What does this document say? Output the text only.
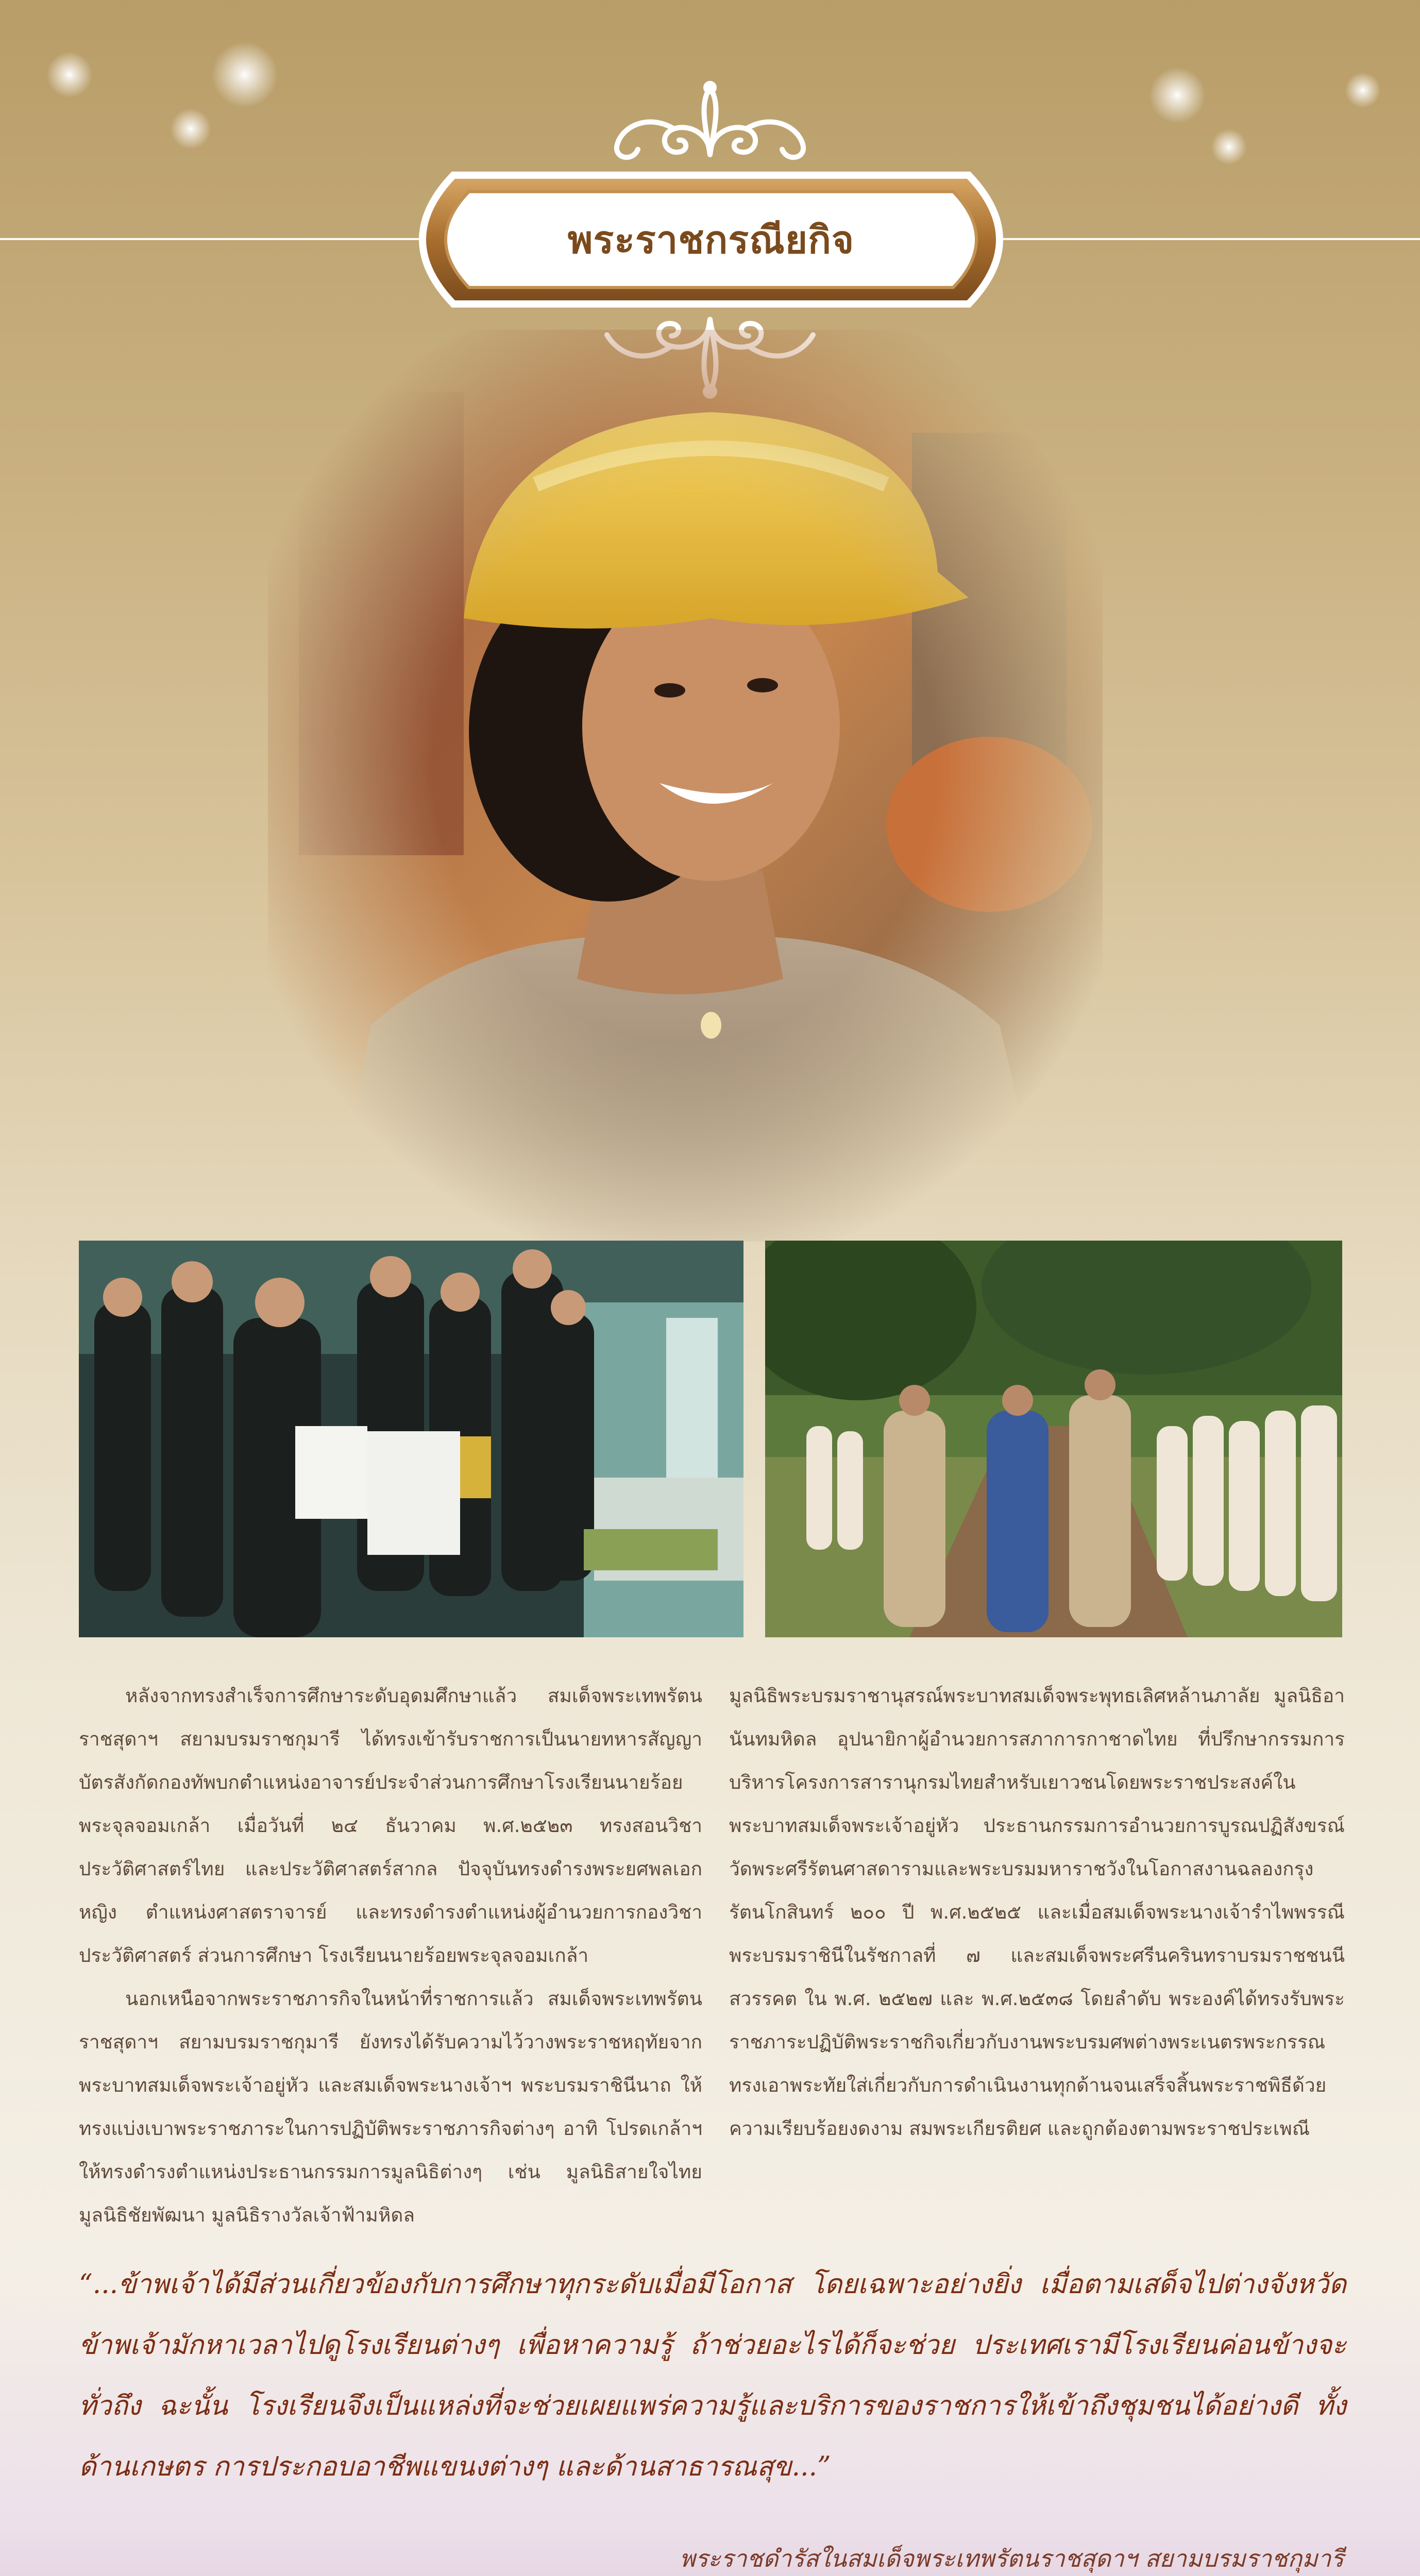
พระราชกรณียกิจ

หลังจากทรงสำเร็จการศึกษาระดับอุดมศึกษาแล้ว สมเด็จพระเทพรัตนราชสุดาฯ สยามบรมราชกุมารี ได้ทรงเข้ารับราชการเป็นนายทหารสัญญาบัตรสังกัดกองทัพบกตำแหน่งอาจารย์ประจำส่วนการศึกษาโรงเรียนนายร้อยพระจุลจอมเกล้า เมื่อวันที่ ๒๔ ธันวาคม พ.ศ.๒๕๒๓ ทรงสอนวิชาประวัติศาสตร์ไทย และประวัติศาสตร์สากล ปัจจุบันทรงดำรงพระยศพลเอกหญิง ตำแหน่งศาสตราจารย์ และทรงดำรงตำแหน่งผู้อำนวยการกองวิชาประวัติศาสตร์ ส่วนการศึกษา โรงเรียนนายร้อยพระจุลจอมเกล้า

นอกเหนือจากพระราชภารกิจในหน้าที่ราชการแล้ว สมเด็จพระเทพรัตนราชสุดาฯ สยามบรมราชกุมารี ยังทรงได้รับความไว้วางพระราชหฤทัยจากพระบาทสมเด็จพระเจ้าอยู่หัว และสมเด็จพระนางเจ้าฯ พระบรมราชินีนาถ ให้ทรงแบ่งเบาพระราชภาระในการปฏิบัติพระราชภารกิจต่างๆ อาทิ โปรดเกล้าฯ ให้ทรงดำรงตำแหน่งประธานกรรมการมูลนิธิต่างๆ เช่น มูลนิธิสายใจไทย มูลนิธิชัยพัฒนา มูลนิธิรางวัลเจ้าฟ้ามหิดล

มูลนิธิพระบรมราชานุสรณ์พระบาทสมเด็จพระพุทธเลิศหล้านภาลัย มูลนิธิอานันทมหิดล อุปนายิกาผู้อำนวยการสภาการกาชาดไทย ที่ปรึกษากรรมการบริหารโครงการสารานุกรมไทยสำหรับเยาวชนโดยพระราชประสงค์ในพระบาทสมเด็จพระเจ้าอยู่หัว ประธานกรรมการอำนวยการบูรณปฏิสังขรณ์วัดพระศรีรัตนศาสดารามและพระบรมมหาราชวังในโอกาสงานฉลองกรุงรัตนโกสินทร์ ๒๐๐ ปี พ.ศ.๒๕๒๕ และเมื่อสมเด็จพระนางเจ้ารำไพพรรณีพระบรมราชินีในรัชกาลที่ ๗ และสมเด็จพระศรีนครินทราบรมราชชนนีสวรรคต ใน พ.ศ. ๒๕๒๗ และ พ.ศ.๒๕๓๘ โดยลำดับ พระองค์ได้ทรงรับพระราชภาระปฏิบัติพระราชกิจเกี่ยวกับงานพระบรมศพต่างพระเนตรพระกรรณทรงเอาพระทัยใส่เกี่ยวกับการดำเนินงานทุกด้านจนเสร็จสิ้นพระราชพิธีด้วยความเรียบร้อยงดงาม สมพระเกียรติยศ และถูกต้องตามพระราชประเพณี

“...ข้าพเจ้าได้มีส่วนเกี่ยวข้องกับการศึกษาทุกระดับเมื่อมีโอกาส โดยเฉพาะอย่างยิ่ง เมื่อตามเสด็จไปต่างจังหวัด ข้าพเจ้ามักหาเวลาไปดูโรงเรียนต่างๆ เพื่อหาความรู้ ถ้าช่วยอะไรได้ก็จะช่วย ประเทศเรามีโรงเรียนค่อนข้างจะทั่วถึง ฉะนั้น โรงเรียนจึงเป็นแหล่งที่จะช่วยเผยแพร่ความรู้และบริการของราชการให้เข้าถึงชุมชนได้อย่างดี ทั้งด้านเกษตร การประกอบอาชีพแขนงต่างๆ และด้านสาธารณสุข...”
พระราชดำรัสในสมเด็จพระเทพรัตนราชสุดาฯ สยามบรมราชกุมารี
